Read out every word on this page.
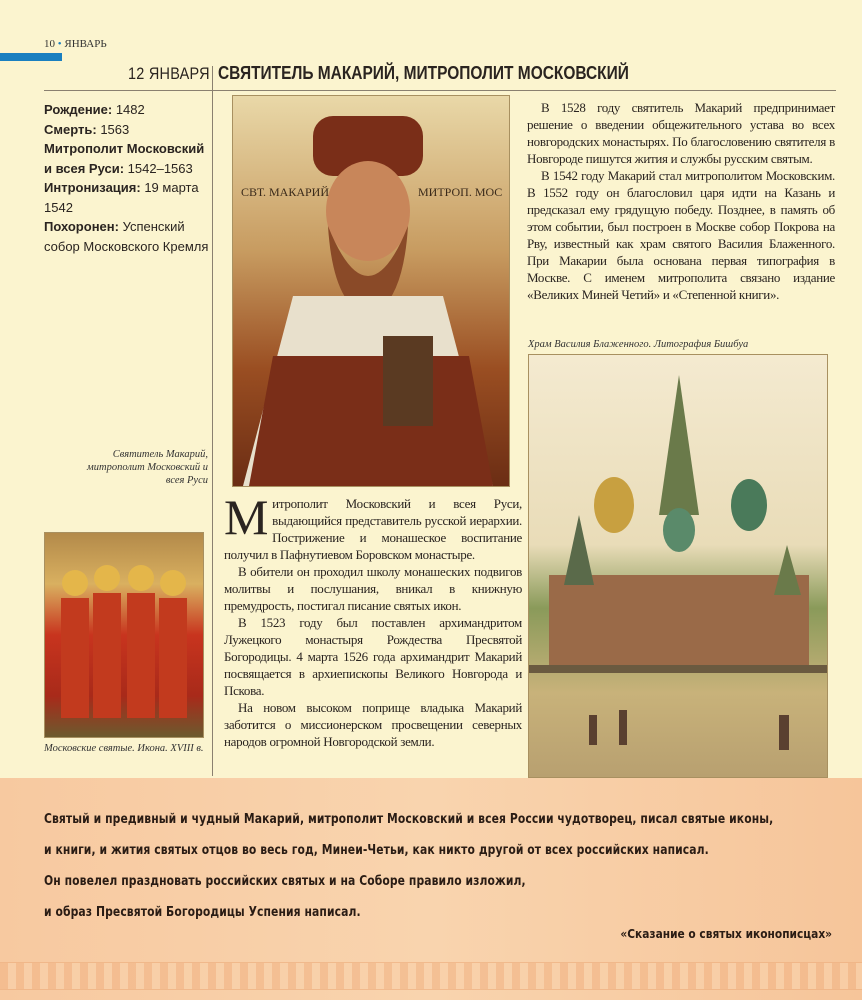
10 • ЯНВАРЬ
12 ЯНВАРЯ СВЯТИТЕЛЬ МАКАРИЙ, МИТРОПОЛИТ МОСКОВСКИЙ
Рождение: 1482
Смерть: 1563
Митрополит Московский и всея Руси: 1542–1563
Интронизация: 19 марта 1542
Похоронен: Успенский собор Московского Кремля
Святитель Макарий, митрополит Московский и всея Руси
СВТ. МАКАРИЙ	МИТРОП. МОС
Московские святые. Икона. XVIII в.

Митрополит Московский и всея Руси, выдающийся представитель русской иерархии. Пострижение и монашеское воспитание получил в Пафнутиевом Боровском монастыре.

В обители он проходил школу монашеских подвигов молитвы и послушания, вникал в книжную премудрость, постигал писание святых икон.

В 1523 году был поставлен архимандритом Лужецкого монастыря Рождества Пресвятой Богородицы. 4 марта 1526 года архимандрит Макарий посвящается в архиепископы Великого Новгорода и Пскова.

На новом высоком поприще владыка Макарий заботится о миссионерском просвещении северных народов огромной Новгородской земли.

В 1528 году святитель Макарий предпринимает решение о введении общежительного устава во всех новгородских монастырях. По благословению святителя в Новгороде пишутся жития и службы русским святым.

В 1542 году Макарий стал митрополитом Московским. В 1552 году он благословил царя идти на Казань и предсказал ему грядущую победу. Позднее, в память об этом событии, был построен в Москве собор Покрова на Рву, известный как храм святого Василия Блаженного. При Макарии была основана первая типография в Москве. С именем митрополита связано издание «Великих Миней Четий» и «Степенной книги».

Храм Василия Блаженного. Литография Бишбуа
Святый и предивный и чудный Макарий, митрополит Московский и всея России чудотворец, писал святые иконы,
и книги, и жития святых отцов во весь год, Минеи-Четьи, как никто другой от всех российских написал.
Он повелел праздновать российских святых и на Соборе правило изложил,
и образ Пресвятой Богородицы Успения написал.
«Сказание о святых иконописцах»
